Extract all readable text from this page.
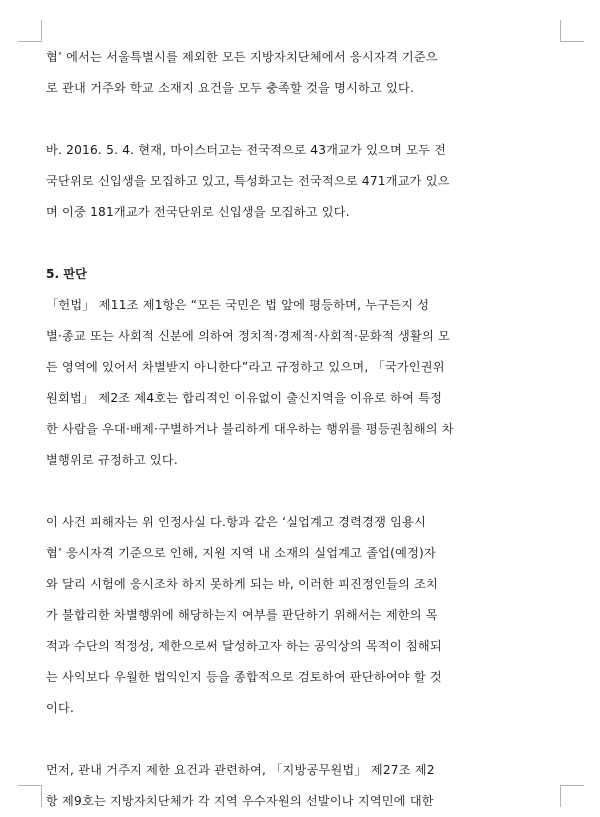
협’ 에서는 서울특별시를 제외한 모든 지방자치단체에서 응시자격 기준으
로 관내 거주와 학교 소재지 요건을 모두 충족할 것을 명시하고 있다.
바. 2016. 5. 4. 현재, 마이스터고는 전국적으로 43개교가 있으며 모두 전
국단위로 신입생을 모집하고 있고, 특성화고는 전국적으로 471개교가 있으
며 이중 181개교가 전국단위로 신입생을 모집하고 있다.
5. 판단
「헌법」 제11조 제1항은 “모든 국민은 법 앞에 평등하며, 누구든지 성
별·종교 또는 사회적 신분에 의하여 정치적·경제적·사회적·문화적 생활의 모
든 영역에 있어서 차별받지 아니한다”라고 규정하고 있으며, 「국가인권위
원회법」 제2조 제4호는 합리적인 이유없이 출신지역을 이유로 하여 특정
한 사람을 우대·배제·구별하거나 불리하게 대우하는 행위를 평등권침해의 차
별행위로 규정하고 있다.
이 사건 피해자는 위 인정사실 다.항과 같은 ‘실업계고 경력경쟁 임용시
협’ 응시자격 기준으로 인해, 지원 지역 내 소재의 실업계고 졸업(예정)자
와 달리 시험에 응시조차 하지 못하게 되는 바, 이러한 피진정인들의 조치
가 불합리한 차별행위에 해당하는지 여부를 판단하기 위해서는 제한의 목
적과 수단의 적정성, 제한으로써 달성하고자 하는 공익상의 목적이 침해되
는 사익보다 우월한 법익인지 등을 종합적으로 검토하여 판단하여야 할 것
이다.
먼저, 관내 거주지 제한 요건과 관련하여, 「지방공무원법」 제27조 제2
항 제9호는 지방자치단체가 각 지역 우수자원의 선발이나 지역민에 대한
